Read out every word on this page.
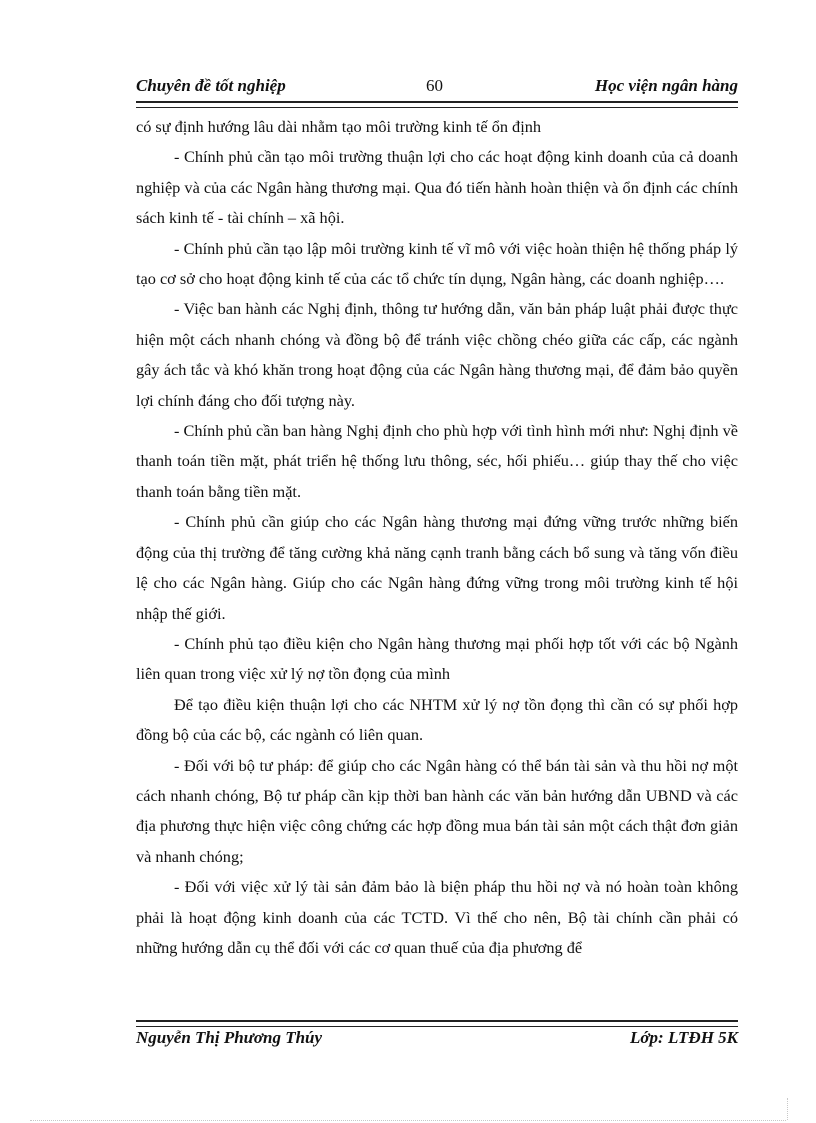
Chuyên đề tốt nghiệp	60	Học viện ngân hàng

có sự định hướng lâu dài nhằm tạo môi trường kinh tế ổn định

- Chính phủ cần tạo môi trường thuận lợi cho các hoạt động kinh doanh của cả doanh nghiệp và của các Ngân hàng thương mại. Qua đó tiến hành hoàn thiện và ổn định các chính sách kinh tế - tài chính – xã hội.

- Chính phủ cần tạo lập môi trường kinh tế vĩ mô với việc hoàn thiện hệ thống pháp lý tạo cơ sở cho hoạt động kinh tế của các tổ chức tín dụng, Ngân hàng, các doanh nghiệp….

- Việc ban hành các Nghị định, thông tư hướng dẫn, văn bản pháp luật phải được thực hiện một cách nhanh chóng và đồng bộ để tránh việc chồng chéo giữa các cấp, các ngành gây ách tắc và khó khăn trong hoạt động của các Ngân hàng thương mại, để đảm bảo quyền lợi chính đáng cho đối tượng này.

- Chính phủ cần ban hàng Nghị định cho phù hợp với tình hình mới như: Nghị định về thanh toán tiền mặt, phát triển hệ thống lưu thông, séc, hối phiếu… giúp thay thế cho việc thanh toán bằng tiền mặt.

- Chính phủ cần giúp cho các Ngân hàng thương mại đứng vững trước những biến động của thị trường để tăng cường khả năng cạnh tranh bằng cách bổ sung và tăng vốn điều lệ cho các Ngân hàng. Giúp cho các Ngân hàng đứng vững trong môi trường kinh tế hội nhập thế giới.

- Chính phủ tạo điều kiện cho Ngân hàng thương mại phối hợp tốt với các bộ Ngành liên quan trong việc xử lý nợ tồn đọng của mình

Để tạo điều kiện thuận lợi cho các NHTM xử lý nợ tồn đọng thì cần có sự phối hợp đồng bộ của các bộ, các ngành có liên quan.

- Đối với bộ tư pháp: để giúp cho các Ngân hàng có thể bán tài sản và thu hồi nợ một cách nhanh chóng, Bộ tư pháp cần kịp thời ban hành các văn bản hướng dẫn UBND và các địa phương thực hiện việc công chứng các hợp đồng mua bán tài sản một cách thật đơn giản và nhanh chóng;

- Đối với việc xử lý tài sản đảm bảo là biện pháp thu hồi nợ và nó hoàn toàn không phải là hoạt động kinh doanh của các TCTD. Vì thế cho nên, Bộ tài chính cần phải có những hướng dẫn cụ thể đối với các cơ quan thuế của địa phương để

Nguyễn Thị Phương Thúy	Lớp: LTĐH 5K
